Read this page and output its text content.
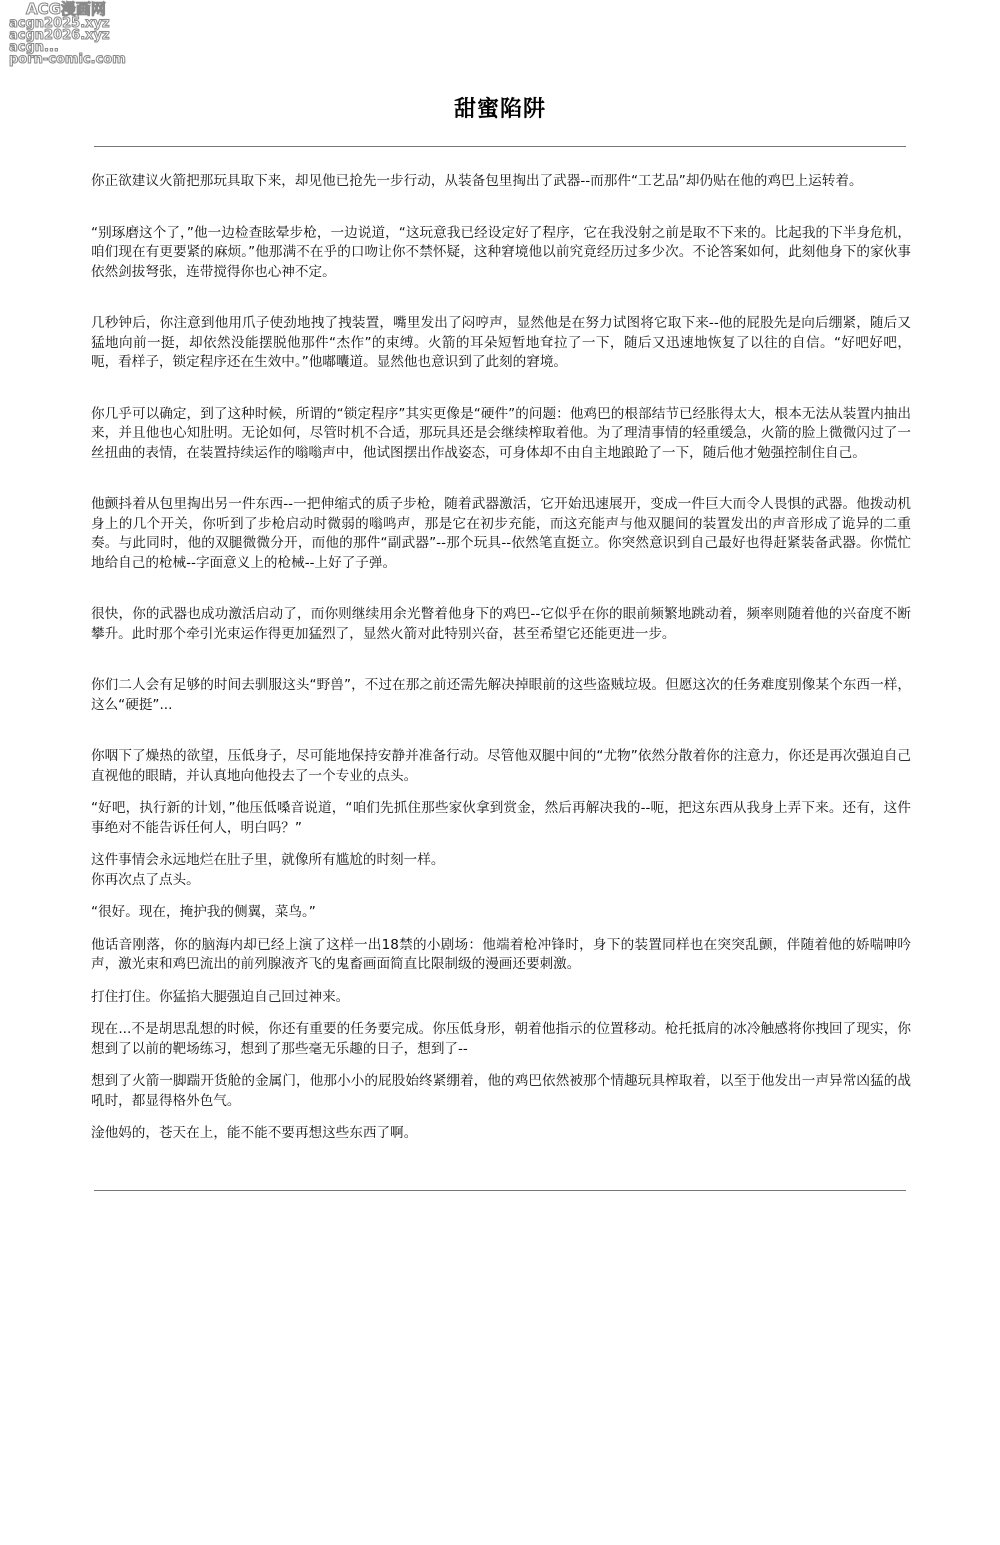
ACG漫画网
acgn2025.xyz
acgn2026.xyz
acgn...
porn-comic.com
甜蜜陷阱

你正欲建议火箭把那玩具取下来，却见他已抢先一步行动，从装备包里掏出了武器--而那件“工艺品”却仍贴在他的鸡巴上运转着。

“别琢磨这个了，”他一边检查眩晕步枪，一边说道，“这玩意我已经设定好了程序，它在我没射之前是取不下来的。比起我的下半身危机，咱们现在有更要紧的麻烦。”他那满不在乎的口吻让你不禁怀疑，这种窘境他以前究竟经历过多少次。不论答案如何，此刻他身下的家伙事依然剑拔弩张，连带搅得你也心神不定。

几秒钟后，你注意到他用爪子使劲地拽了拽装置，嘴里发出了闷哼声，显然他是在努力试图将它取下来--他的屁股先是向后绷紧，随后又猛地向前一挺，却依然没能摆脱他那件“杰作”的束缚。火箭的耳朵短暂地耷拉了一下，随后又迅速地恢复了以往的自信。“好吧好吧，呃，看样子，锁定程序还在生效中。”他嘟囔道。显然他也意识到了此刻的窘境。

你几乎可以确定，到了这种时候，所谓的“锁定程序”其实更像是“硬件”的问题：他鸡巴的根部结节已经胀得太大，根本无法从装置内抽出来，并且他也心知肚明。无论如何，尽管时机不合适，那玩具还是会继续榨取着他。为了理清事情的轻重缓急，火箭的脸上微微闪过了一丝扭曲的表情，在装置持续运作的嗡嗡声中，他试图摆出作战姿态，可身体却不由自主地踉跄了一下，随后他才勉强控制住自己。

他颤抖着从包里掏出另一件东西--一把伸缩式的质子步枪，随着武器激活，它开始迅速展开，变成一件巨大而令人畏惧的武器。他拨动机身上的几个开关，你听到了步枪启动时微弱的嗡鸣声，那是它在初步充能，而这充能声与他双腿间的装置发出的声音形成了诡异的二重奏。与此同时，他的双腿微微分开，而他的那件“副武器”--那个玩具--依然笔直挺立。你突然意识到自己最好也得赶紧装备武器。你慌忙地给自己的枪械--字面意义上的枪械--上好了子弹。

很快，你的武器也成功激活启动了，而你则继续用余光瞥着他身下的鸡巴--它似乎在你的眼前频繁地跳动着，频率则随着他的兴奋度不断攀升。此时那个牵引光束运作得更加猛烈了，显然火箭对此特别兴奋，甚至希望它还能更进一步。

你们二人会有足够的时间去驯服这头“野兽”，不过在那之前还需先解决掉眼前的这些盗贼垃圾。但愿这次的任务难度别像某个东西一样，这么“硬挺”...

你咽下了燥热的欲望，压低身子，尽可能地保持安静并准备行动。尽管他双腿中间的“尤物”依然分散着你的注意力，你还是再次强迫自己直视他的眼睛，并认真地向他投去了一个专业的点头。

“好吧，执行新的计划，”他压低嗓音说道，“咱们先抓住那些家伙拿到赏金，然后再解决我的--呃，把这东西从我身上弄下来。还有，这件事绝对不能告诉任何人，明白吗？”

这件事情会永远地烂在肚子里，就像所有尴尬的时刻一样。

你再次点了点头。

“很好。现在，掩护我的侧翼，菜鸟。”

他话音刚落，你的脑海内却已经上演了这样一出18禁的小剧场：他端着枪冲锋时，身下的装置同样也在突突乱颤，伴随着他的娇喘呻吟声，激光束和鸡巴流出的前列腺液齐飞的鬼畜画面简直比限制级的漫画还要刺激。

打住打住。你猛掐大腿强迫自己回过神来。

现在...不是胡思乱想的时候，你还有重要的任务要完成。你压低身形，朝着他指示的位置移动。枪托抵肩的冰冷触感将你拽回了现实，你想到了以前的靶场练习，想到了那些毫无乐趣的日子，想到了--

想到了火箭一脚踹开货舱的金属门，他那小小的屁股始终紧绷着，他的鸡巴依然被那个情趣玩具榨取着，以至于他发出一声异常凶猛的战吼时，都显得格外色气。

淦他妈的，苍天在上，能不能不要再想这些东西了啊。
